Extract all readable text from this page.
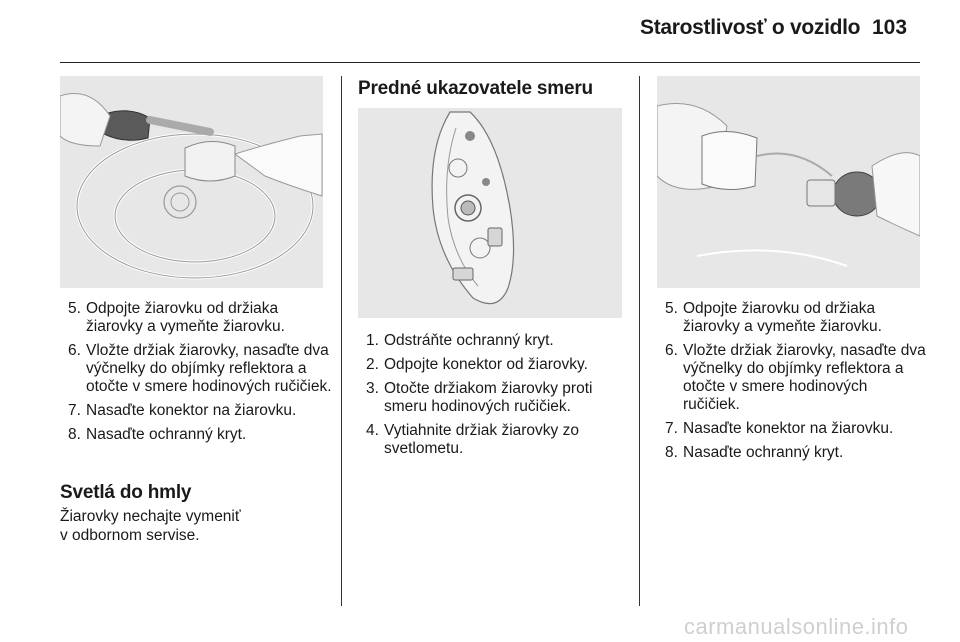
Starostlivosť o vozidlo 103
5. Odpojte žiarovku od držiaka žiarovky a vymeňte žiarovku.
6. Vložte držiak žiarovky, nasaďte dva výčnelky do objímky reflektora a otočte v smere hodinových ručičiek.
7. Nasaďte konektor na žiarovku.
8. Nasaďte ochranný kryt.
Svetlá do hmly
Žiarovky nechajte vymeniť
v odbornom servise.
Predné ukazovatele smeru
1. Odstráňte ochranný kryt.
2. Odpojte konektor od žiarovky.
3. Otočte držiakom žiarovky proti smeru hodinových ručičiek.
4. Vytiahnite držiak žiarovky zo svetlometu.
5. Odpojte žiarovku od držiaka žiarovky a vymeňte žiarovku.
6. Vložte držiak žiarovky, nasaďte dva výčnelky do objímky reflektora a otočte v smere hodinových ručičiek.
7. Nasaďte konektor na žiarovku.
8. Nasaďte ochranný kryt.
carmanualsonline.info
